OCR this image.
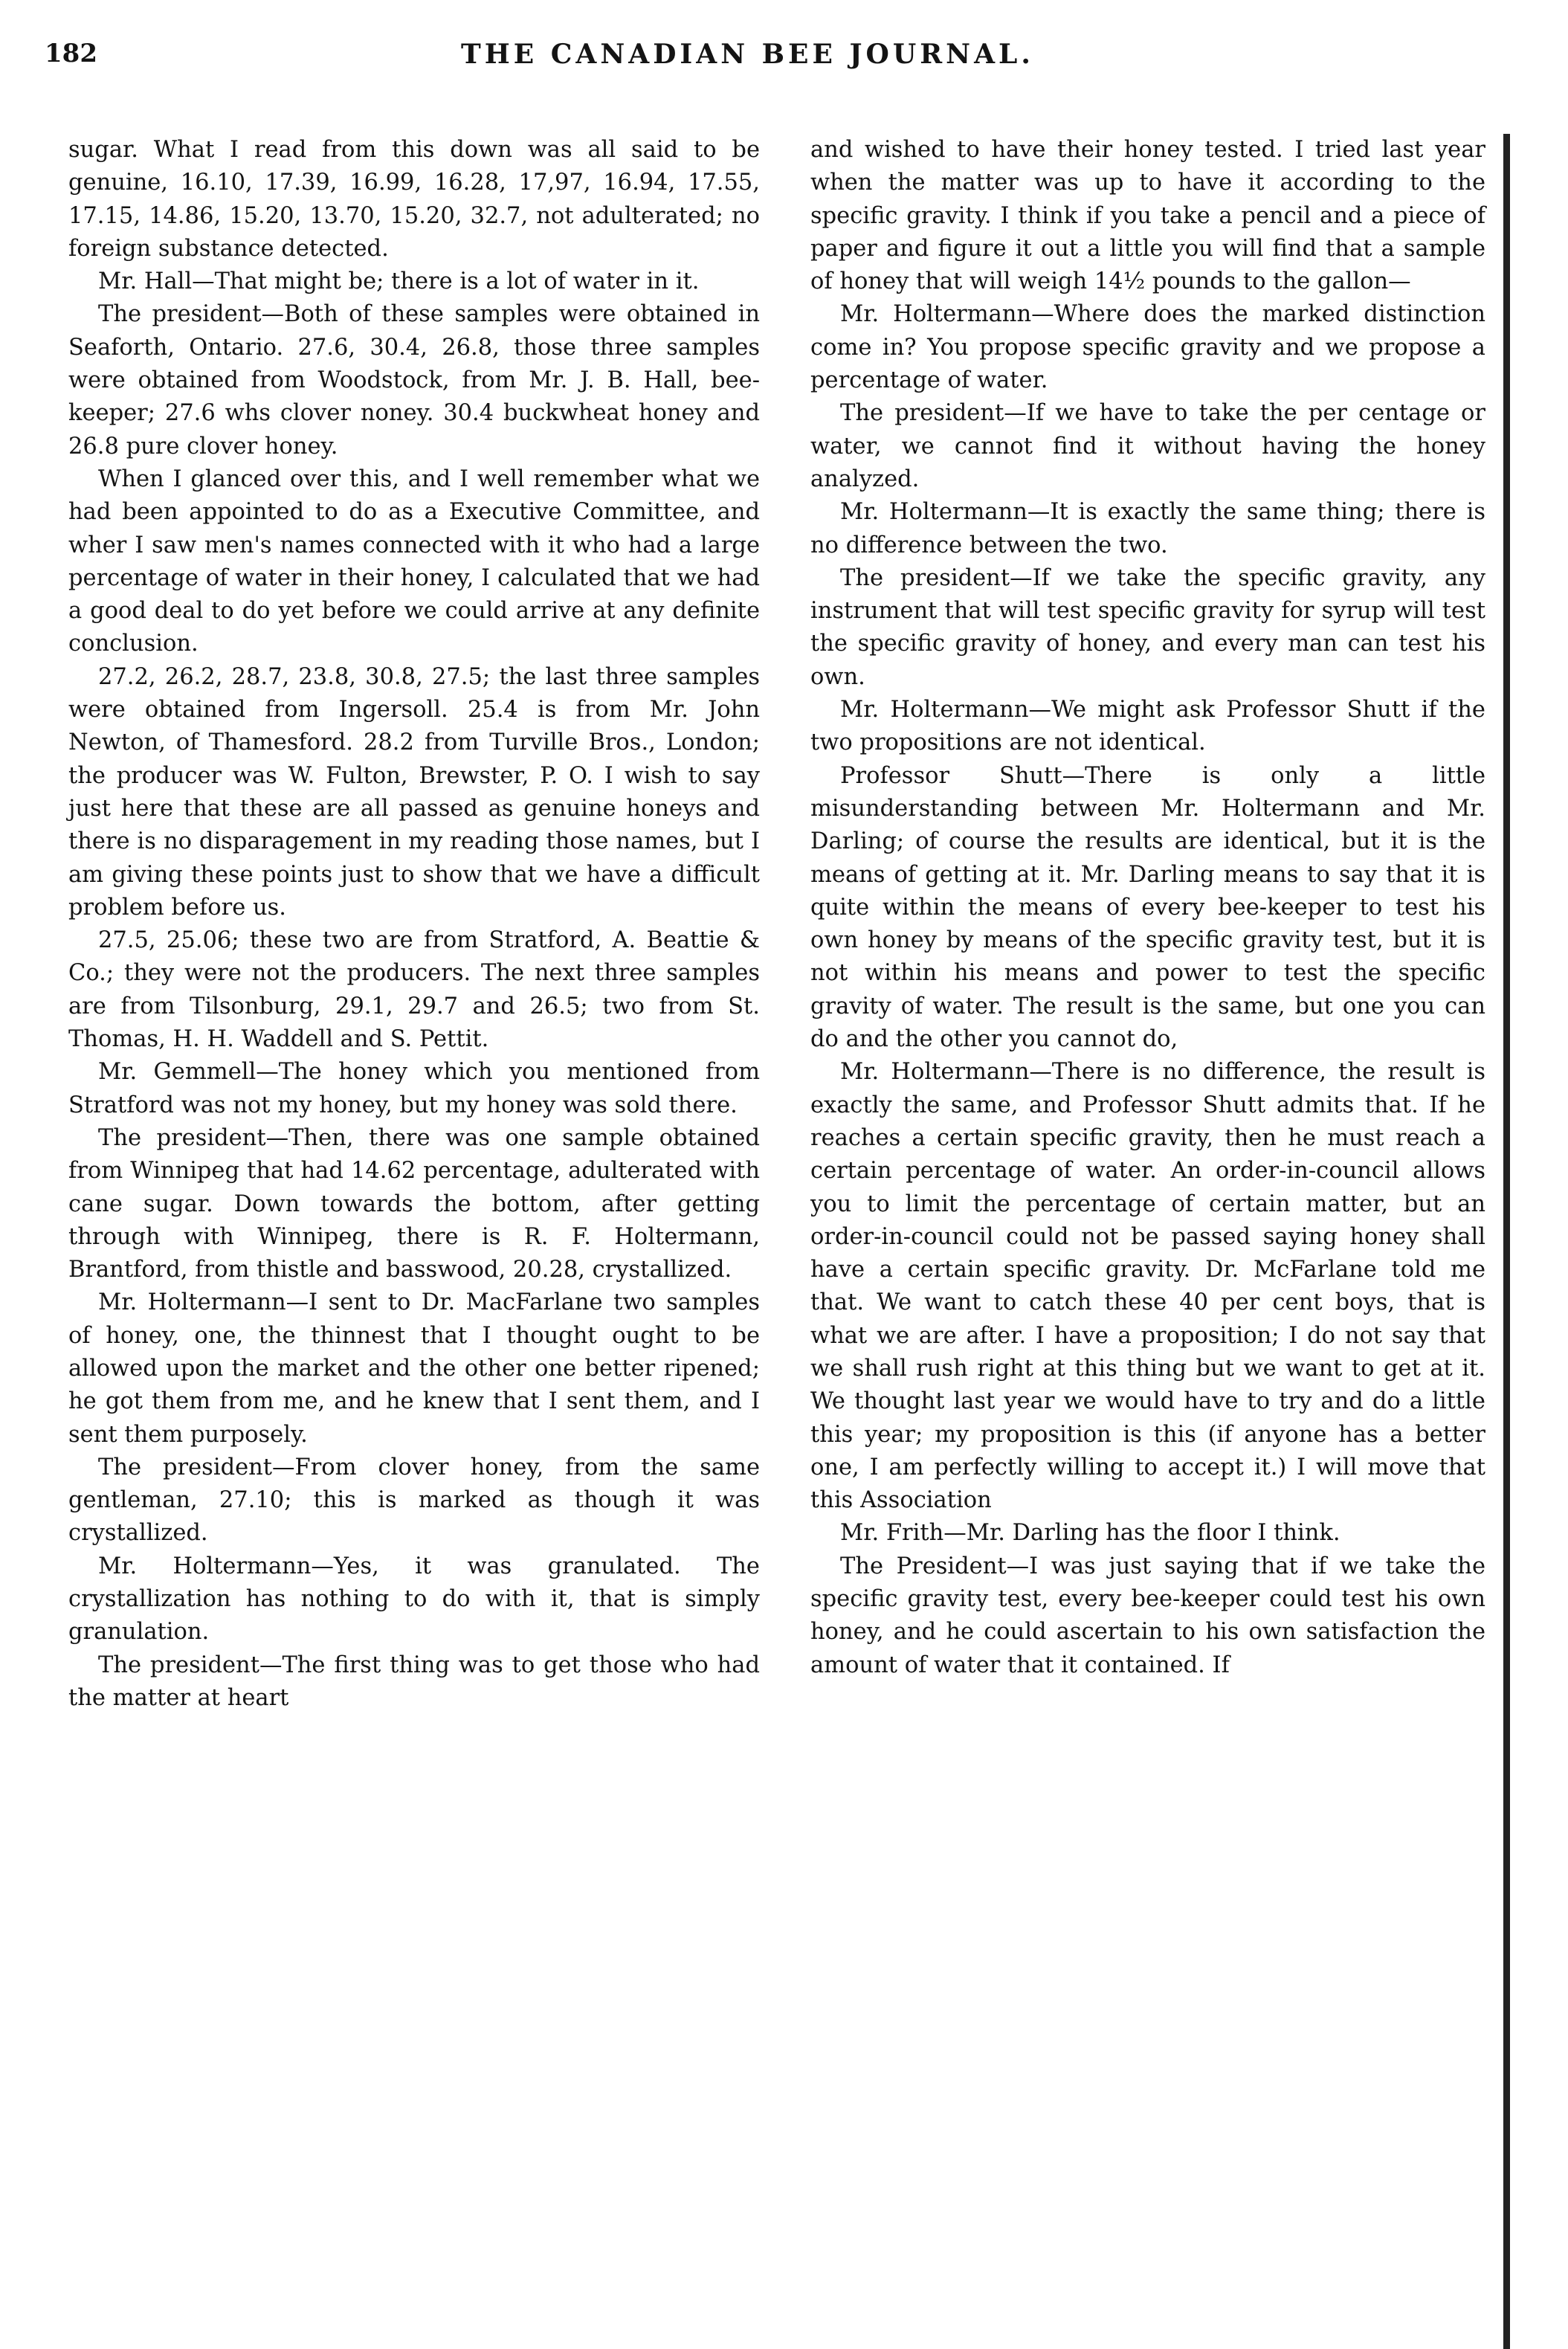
182	THE CANADIAN BEE JOURNAL.

sugar. What I read from this down was all said to be genuine, 16.10, 17.39, 16.99, 16.28, 17,97, 16.94, 17.55, 17.15, 14.86, 15.20, 13.70, 15.20, 32.7, not adulterated; no foreign substance detected.

Mr. Hall—That might be; there is a lot of water in it.

The president—Both of these samples were obtained in Seaforth, Ontario. 27.6, 30.4, 26.8, those three samples were obtained from Woodstock, from Mr. J. B. Hall, bee-keeper; 27.6 whs clover noney. 30.4 buckwheat honey and 26.8 pure clover honey.

When I glanced over this, and I well remember what we had been appointed to do as a Executive Committee, and wher I saw men's names connected with it who had a large percentage of water in their honey, I calculated that we had a good deal to do yet before we could arrive at any definite conclusion.

27.2, 26.2, 28.7, 23.8, 30.8, 27.5; the last three samples were obtained from Ingersoll. 25.4 is from Mr. John Newton, of Thamesford. 28.2 from Turville Bros., London; the producer was W. Fulton, Brewster, P. O. I wish to say just here that these are all passed as genuine honeys and there is no disparagement in my reading those names, but I am giving these points just to show that we have a difficult problem before us.

27.5, 25.06; these two are from Stratford, A. Beattie & Co.; they were not the producers. The next three samples are from Tilsonburg, 29.1, 29.7 and 26.5; two from St. Thomas, H. H. Waddell and S. Pettit.

Mr. Gemmell—The honey which you mentioned from Stratford was not my honey, but my honey was sold there.

The president—Then, there was one sample obtained from Winnipeg that had 14.62 percentage, adulterated with cane sugar. Down towards the bottom, after getting through with Winnipeg, there is R. F. Holtermann, Brantford, from thistle and basswood, 20.28, crystallized.

Mr. Holtermann—I sent to Dr. MacFarlane two samples of honey, one, the thinnest that I thought ought to be allowed upon the market and the other one better ripened; he got them from me, and he knew that I sent them, and I sent them purposely.

The president—From clover honey, from the same gentleman, 27.10; this is marked as though it was crystallized.

Mr. Holtermann—Yes, it was granulated. The crystallization has nothing to do with it, that is simply granulation.

The president—The first thing was to get those who had the matter at heart

and wished to have their honey tested. I tried last year when the matter was up to have it according to the specific gravity. I think if you take a pencil and a piece of paper and figure it out a little you will find that a sample of honey that will weigh 14½ pounds to the gallon—

Mr. Holtermann—Where does the marked distinction come in? You propose specific gravity and we propose a percentage of water.

The president—If we have to take the per centage or water, we cannot find it without having the honey analyzed.

Mr. Holtermann—It is exactly the same thing; there is no difference between the two.

The president—If we take the specific gravity, any instrument that will test specific gravity for syrup will test the specific gravity of honey, and every man can test his own.

Mr. Holtermann—We might ask Professor Shutt if the two propositions are not identical.

Professor Shutt—There is only a little misunderstanding between Mr. Holtermann and Mr. Darling; of course the results are identical, but it is the means of getting at it. Mr. Darling means to say that it is quite within the means of every bee-keeper to test his own honey by means of the specific gravity test, but it is not within his means and power to test the specific gravity of water. The result is the same, but one you can do and the other you cannot do,

Mr. Holtermann—There is no difference, the result is exactly the same, and Professor Shutt admits that. If he reaches a certain specific gravity, then he must reach a certain percentage of water. An order-in-council allows you to limit the percentage of certain matter, but an order-in-council could not be passed saying honey shall have a certain specific gravity. Dr. McFarlane told me that. We want to catch these 40 per cent boys, that is what we are after. I have a proposition; I do not say that we shall rush right at this thing but we want to get at it. We thought last year we would have to try and do a little this year; my proposition is this (if anyone has a better one, I am perfectly willing to accept it.) I will move that this Association

Mr. Frith—Mr. Darling has the floor I think.

The President—I was just saying that if we take the specific gravity test, every bee-keeper could test his own honey, and he could ascertain to his own satisfaction the amount of water that it contained. If
